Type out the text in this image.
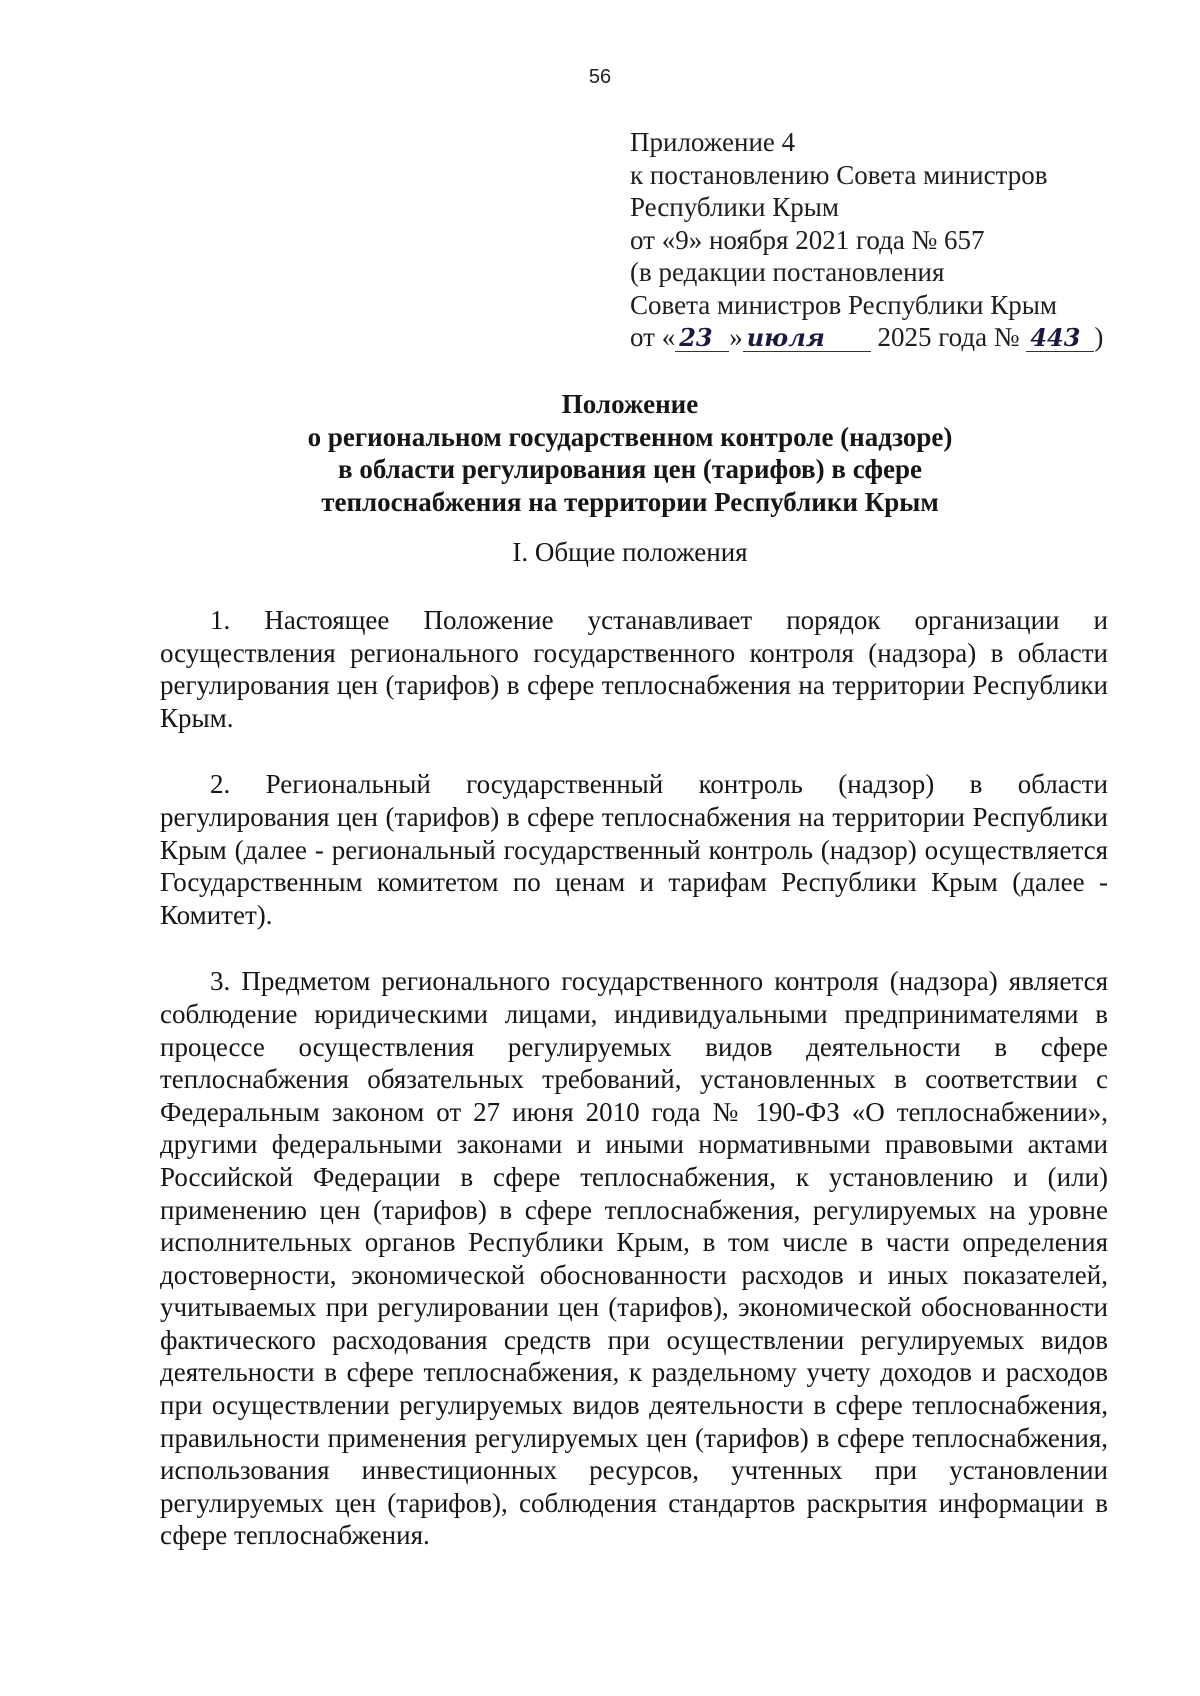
56
Приложение 4
к постановлению Совета министров
Республики Крым
от «9» ноября 2021 года № 657
(в редакции постановления
Совета министров Республики Крым
от « 23 » июля 2025 года № 443 )
Положение
о региональном государственном контроле (надзоре)
в области регулирования цен (тарифов) в сфере
теплоснабжения на территории Республики Крым
I. Общие положения

1. Настоящее Положение устанавливает порядок организации и осуществления регионального государственного контроля (надзора) в области регулирования цен (тарифов) в сфере теплоснабжения на территории Республики Крым.

2. Региональный государственный контроль (надзор) в области регулирования цен (тарифов) в сфере теплоснабжения на территории Республики Крым (далее - региональный государственный контроль (надзор) осуществляется Государственным комитетом по ценам и тарифам Республики Крым (далее - Комитет).

3. Предметом регионального государственного контроля (надзора) является соблюдение юридическими лицами, индивидуальными предпринимателями в процессе осуществления регулируемых видов деятельности в сфере теплоснабжения обязательных требований, установленных в соответствии с Федеральным законом от 27 июня 2010 года № 190-ФЗ «О теплоснабжении», другими федеральными законами и иными нормативными правовыми актами Российской Федерации в сфере теплоснабжения, к установлению и (или) применению цен (тарифов) в сфере теплоснабжения, регулируемых на уровне исполнительных органов Республики Крым, в том числе в части определения достоверности, экономической обоснованности расходов и иных показателей, учитываемых при регулировании цен (тарифов), экономической обоснованности фактического расходования средств при осуществлении регулируемых видов деятельности в сфере теплоснабжения, к раздельному учету доходов и расходов при осуществлении регулируемых видов деятельности в сфере теплоснабжения, правильности применения регулируемых цен (тарифов) в сфере теплоснабжения, использования инвестиционных ресурсов, учтенных при установлении регулируемых цен (тарифов), соблюдения стандартов раскрытия информации в сфере теплоснабжения.
